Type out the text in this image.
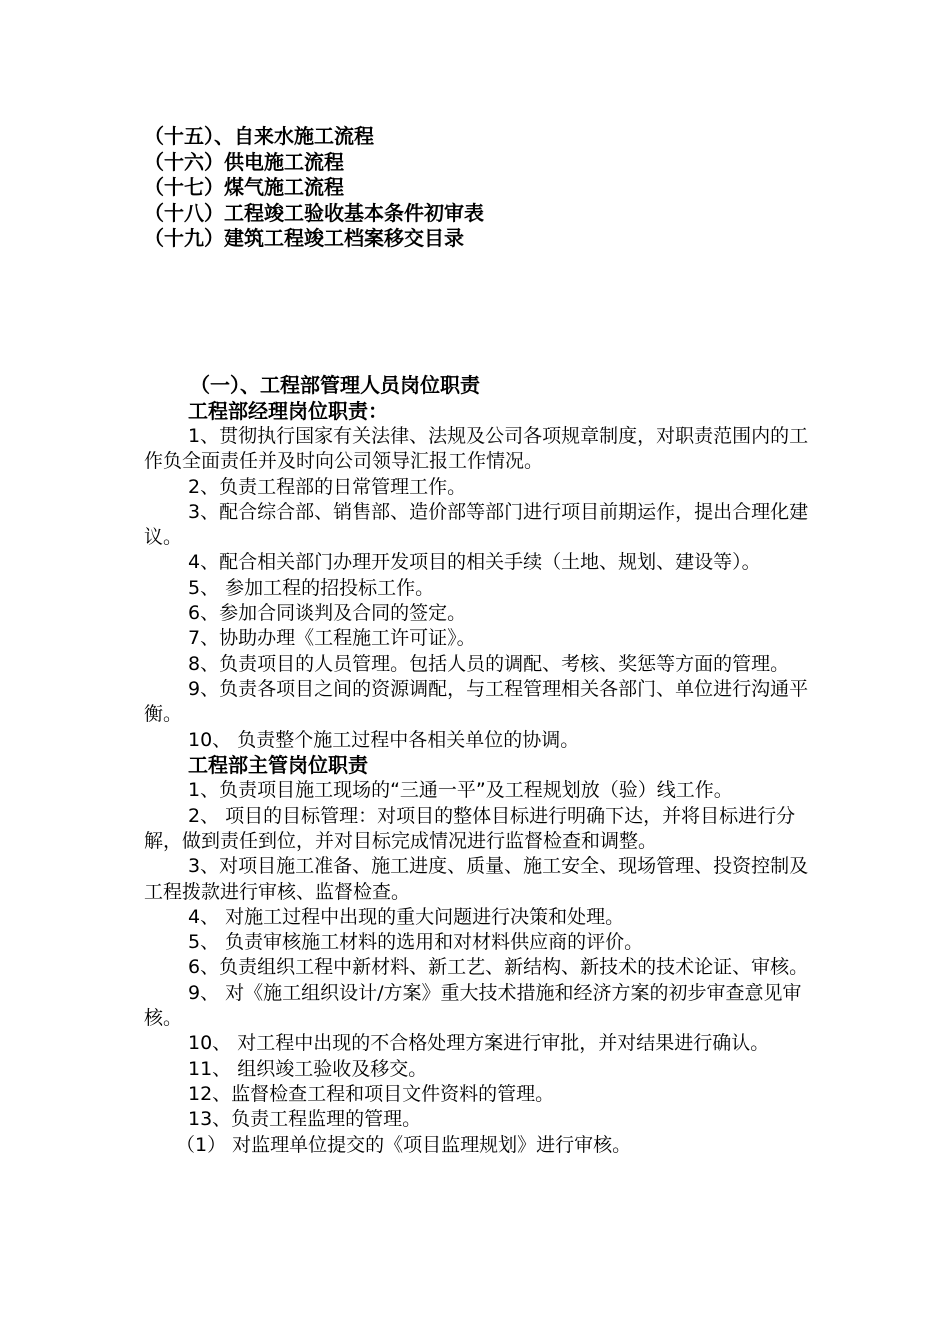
（十五）、自来水施工流程
（十六）供电施工流程
（十七）煤气施工流程
（十八）工程竣工验收基本条件初审表
（十九）建筑工程竣工档案移交目录
（一）、工程部管理人员岗位职责
工程部经理岗位职责：

1、贯彻执行国家有关法律、法规及公司各项规章制度，对职责范围内的工作负全面责任并及时向公司领导汇报工作情况。

2、负责工程部的日常管理工作。

3、配合综合部、销售部、造价部等部门进行项目前期运作，提出合理化建议。

4、配合相关部门办理开发项目的相关手续（土地、规划、建设等）。

5、 参加工程的招投标工作。

6、参加合同谈判及合同的签定。

7、协助办理《工程施工许可证》。

8、负责项目的人员管理。包括人员的调配、考核、奖惩等方面的管理。

9、负责各项目之间的资源调配，与工程管理相关各部门、单位进行沟通平衡。

10、 负责整个施工过程中各相关单位的协调。

工程部主管岗位职责

1、负责项目施工现场的“三通一平”及工程规划放（验）线工作。

2、 项目的目标管理：对项目的整体目标进行明确下达，并将目标进行分解，做到责任到位，并对目标完成情况进行监督检查和调整。

3、对项目施工准备、施工进度、质量、施工安全、现场管理、投资控制及工程拨款进行审核、监督检查。

4、 对施工过程中出现的重大问题进行决策和处理。

5、 负责审核施工材料的选用和对材料供应商的评价。

6、负责组织工程中新材料、新工艺、新结构、新技术的技术论证、审核。

9、 对《施工组织设计/方案》重大技术措施和经济方案的初步审查意见审核。

10、 对工程中出现的不合格处理方案进行审批，并对结果进行确认。

11、 组织竣工验收及移交。

12、监督检查工程和项目文件资料的管理。

13、负责工程监理的管理。

（1） 对监理单位提交的《项目监理规划》进行审核。
